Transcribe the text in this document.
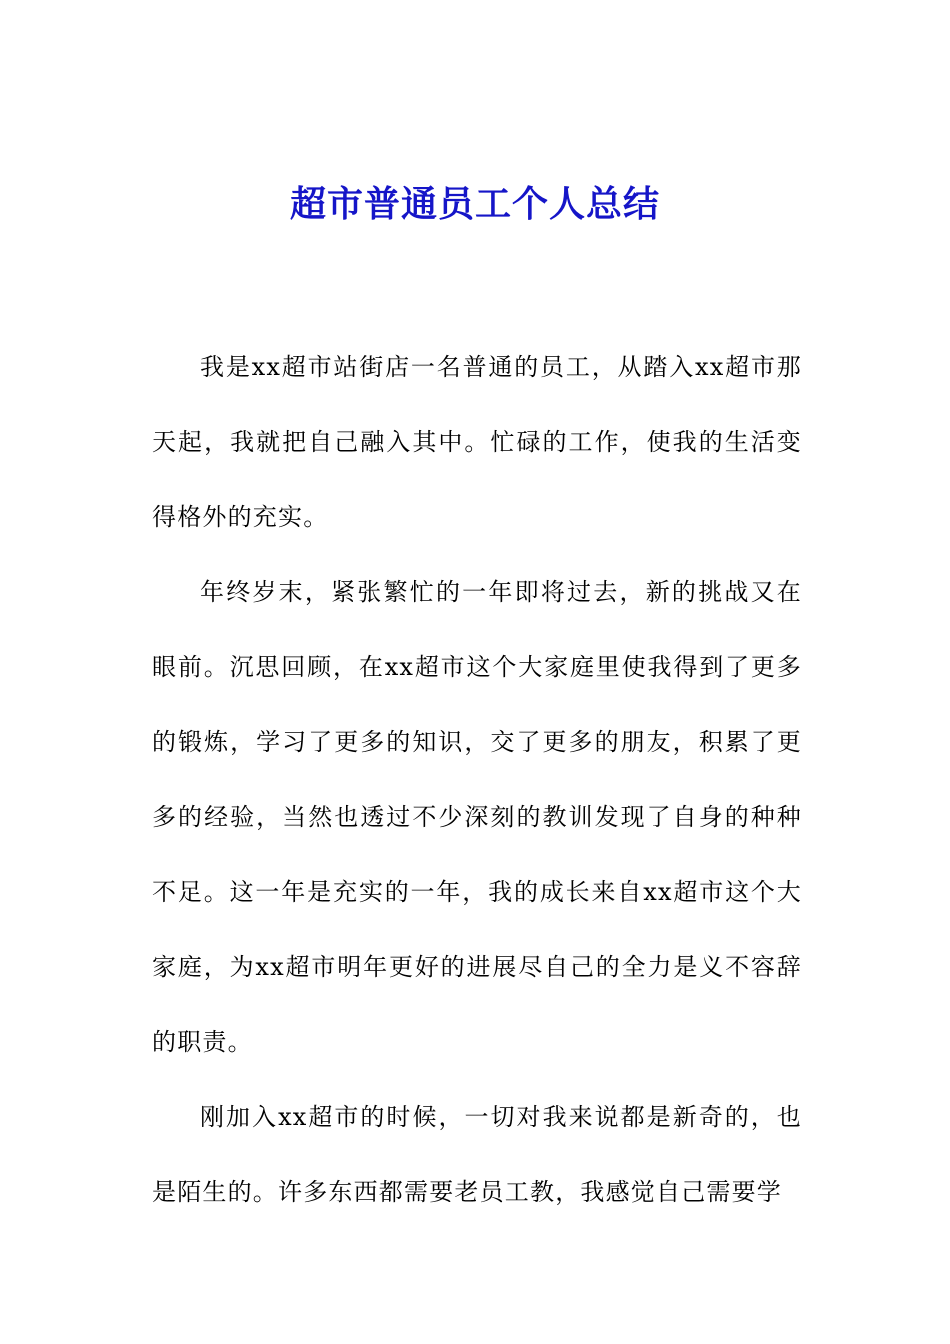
超市普通员工个人总结

我是xx超市站街店一名普通的员工，从踏入xx超市那天起，我就把自己融入其中。忙碌的工作，使我的生活变得格外的充实。

年终岁末，紧张繁忙的一年即将过去，新的挑战又在眼前。沉思回顾，在xx超市这个大家庭里使我得到了更多的锻炼，学习了更多的知识，交了更多的朋友，积累了更多的经验，当然也透过不少深刻的教训发现了自身的种种不足。这一年是充实的一年，我的成长来自xx超市这个大家庭，为xx超市明年更好的进展尽自己的全力是义不容辞的职责。

刚加入xx超市的时候，一切对我来说都是新奇的，也是陌生的。许多东西都需要老员工教，我感觉自己需要学
